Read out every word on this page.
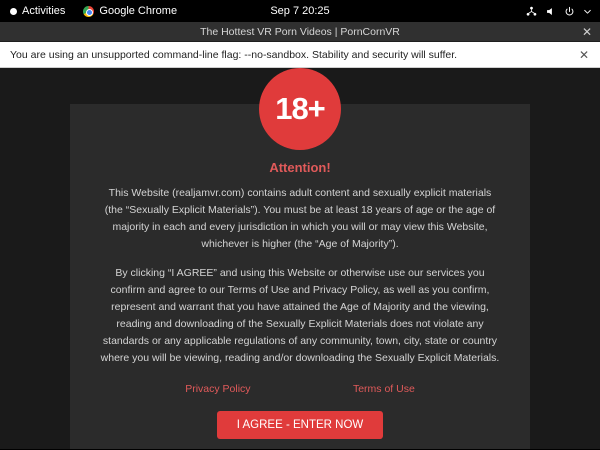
Activities	Google Chrome	Sep 7 20:25
The Hottest VR Porn Videos | PornCornVR	✕
You are using an unsupported command-line flag: --no-sandbox. Stability and security will suffer.	✕
18+
Attention!

This Website (realjamvr.com) contains adult content and sexually explicit materials (the “Sexually Explicit Materials”). You must be at least 18 years of age or the age of majority in each and every jurisdiction in which you will or may view this Website, whichever is higher (the “Age of Majority”).

By clicking “I AGREE” and using this Website or otherwise use our services you confirm and agree to our Terms of Use and Privacy Policy, as well as you confirm, represent and warrant that you have attained the Age of Majority and the viewing, reading and downloading of the Sexually Explicit Materials does not violate any standards or any applicable regulations of any community, town, city, state or country where you will be viewing, reading and/or downloading the Sexually Explicit Materials.

Privacy Policy	Terms of Use
I AGREE - ENTER NOW
